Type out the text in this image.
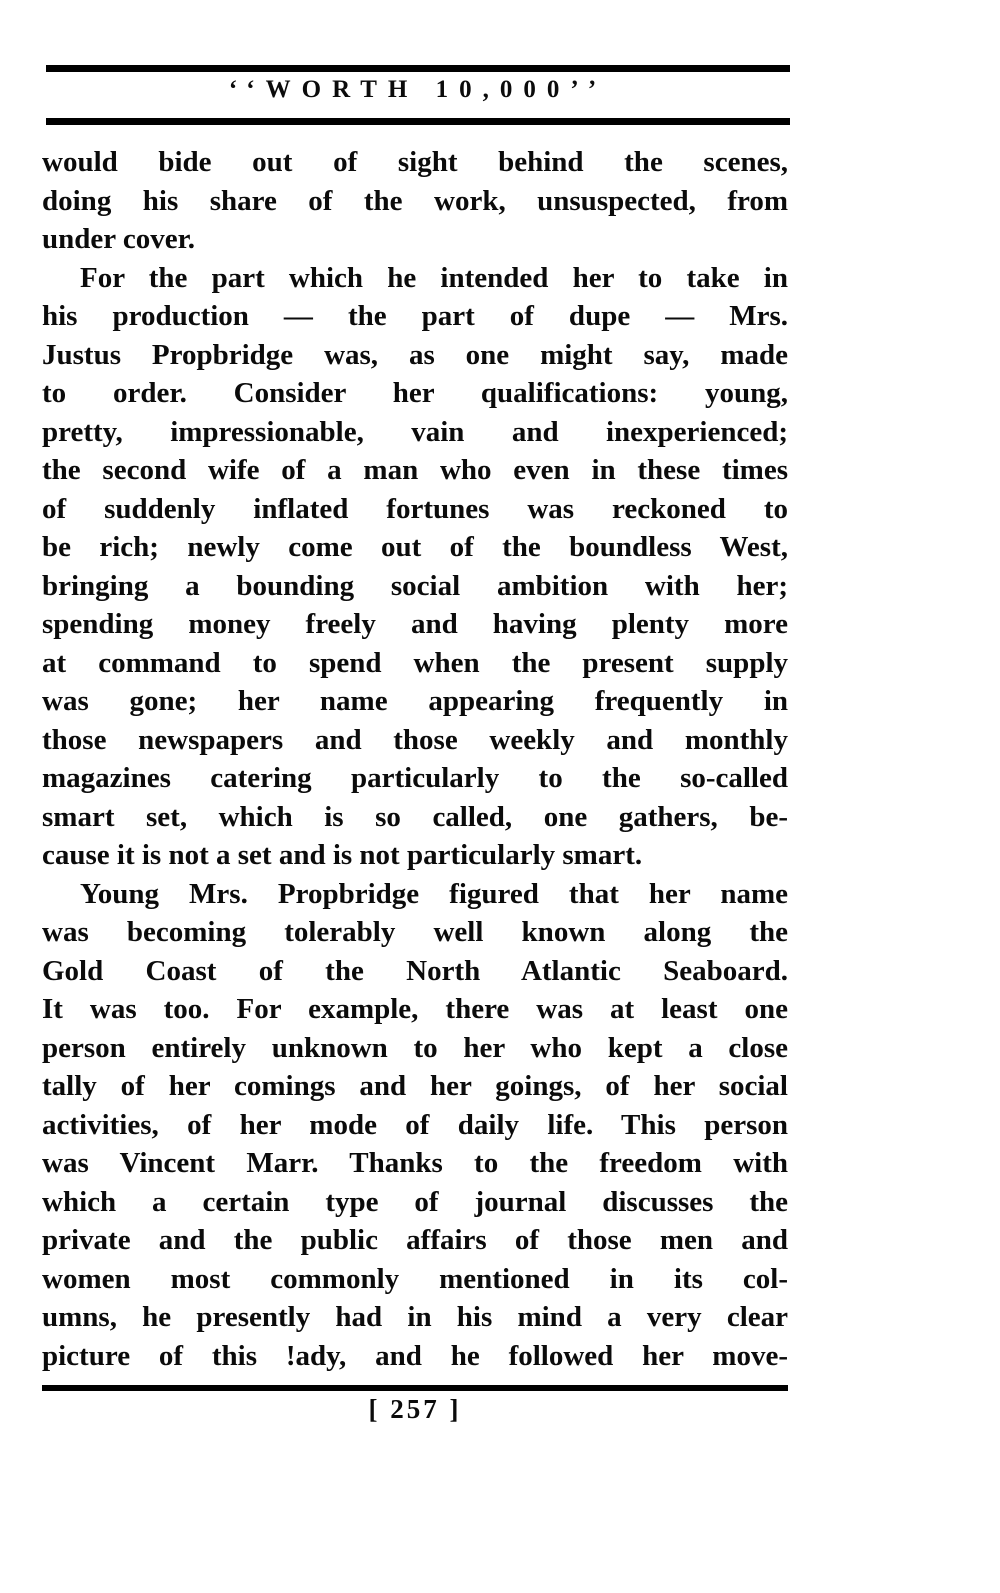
‘‘WORTH 10,000’’
would bide out of sight behind the scenes,
doing his share of the work, unsuspected, from
under cover.
For the part which he intended her to take in
his production — the part of dupe — Mrs.
Justus Propbridge was, as one might say, made
to order. Consider her qualifications: young,
pretty, impressionable, vain and inexperienced;
the second wife of a man who even in these times
of suddenly inflated fortunes was reckoned to
be rich; newly come out of the boundless West,
bringing a bounding social ambition with her;
spending money freely and having plenty more
at command to spend when the present supply
was gone; her name appearing frequently in
those newspapers and those weekly and monthly
magazines catering particularly to the so-called
smart set, which is so called, one gathers, be-
cause it is not a set and is not particularly smart.
Young Mrs. Propbridge figured that her name
was becoming tolerably well known along the
Gold Coast of the North Atlantic Seaboard.
It was too. For example, there was at least one
person entirely unknown to her who kept a close
tally of her comings and her goings, of her social
activities, of her mode of daily life. This person
was Vincent Marr. Thanks to the freedom with
which a certain type of journal discusses the
private and the public affairs of those men and
women most commonly mentioned in its col-
umns, he presently had in his mind a very clear
picture of this !ady, and he followed her move-
[ 257 ]
